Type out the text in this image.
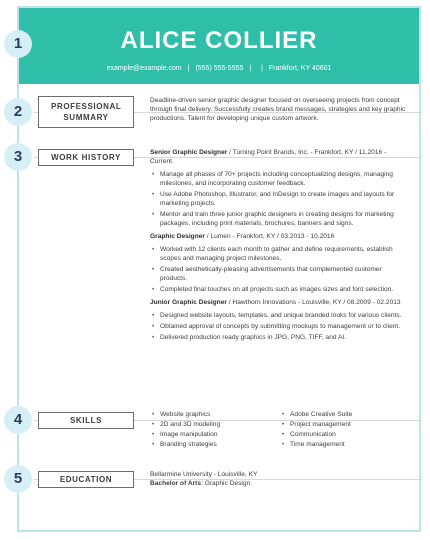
ALICE COLLIER
example@example.com | (555) 555-5555 | | Frankfort, KY 40601
1
2
3
4
5
PROFESSIONAL SUMMARY
WORK HISTORY
SKILLS
EDUCATION
Deadline-driven senior graphic designer focused on overseeing projects from concept through final delivery. Successfully creates brand messages, strategies and key graphic productions. Talent for developing unique custom artwork.
Senior Graphic Designer / Turning Point Brands, Inc. - Frankfort, KY / 11.2016 - Current
• Manage all phases of 70+ projects including conceptualizing designs, managing milestones, and incorporating customer feedback.
• Use Adobe Photoshop, Illustrator, and InDesign to create images and layouts for marketing projects.
• Mentor and train three junior graphic designers in creating designs for marketing packages, including print materials, brochures, banners and signs.
Graphic Designer / Lumen - Frankfort, KY / 03.2013 - 10.2016
• Worked with 12 clients each month to gather and define requirements, establish scopes and managing project milestones.
• Created aesthetically-pleasing advertisements that complemented customer products.
• Completed final touches on all projects such as images sizes and font selection.
Junior Graphic Designer / Hawthorn Innovations - Louisville, KY / 08.2009 - 02.2013
• Designed website layouts, templates, and unique branded looks for various clients.
• Obtained approval of concepts by submitting mockups to management or to client.
• Delivered production ready graphics in JPG, PNG, TIFF, and AI.
• Website graphics
• 2D and 3D modeling
• Image manipulation
• Branding strategies
• Adobe Creative Suite
• Project management
• Communication
• Time management
Bellarmine University - Louisville, KY
Bachelor of Arts: Graphic Design
